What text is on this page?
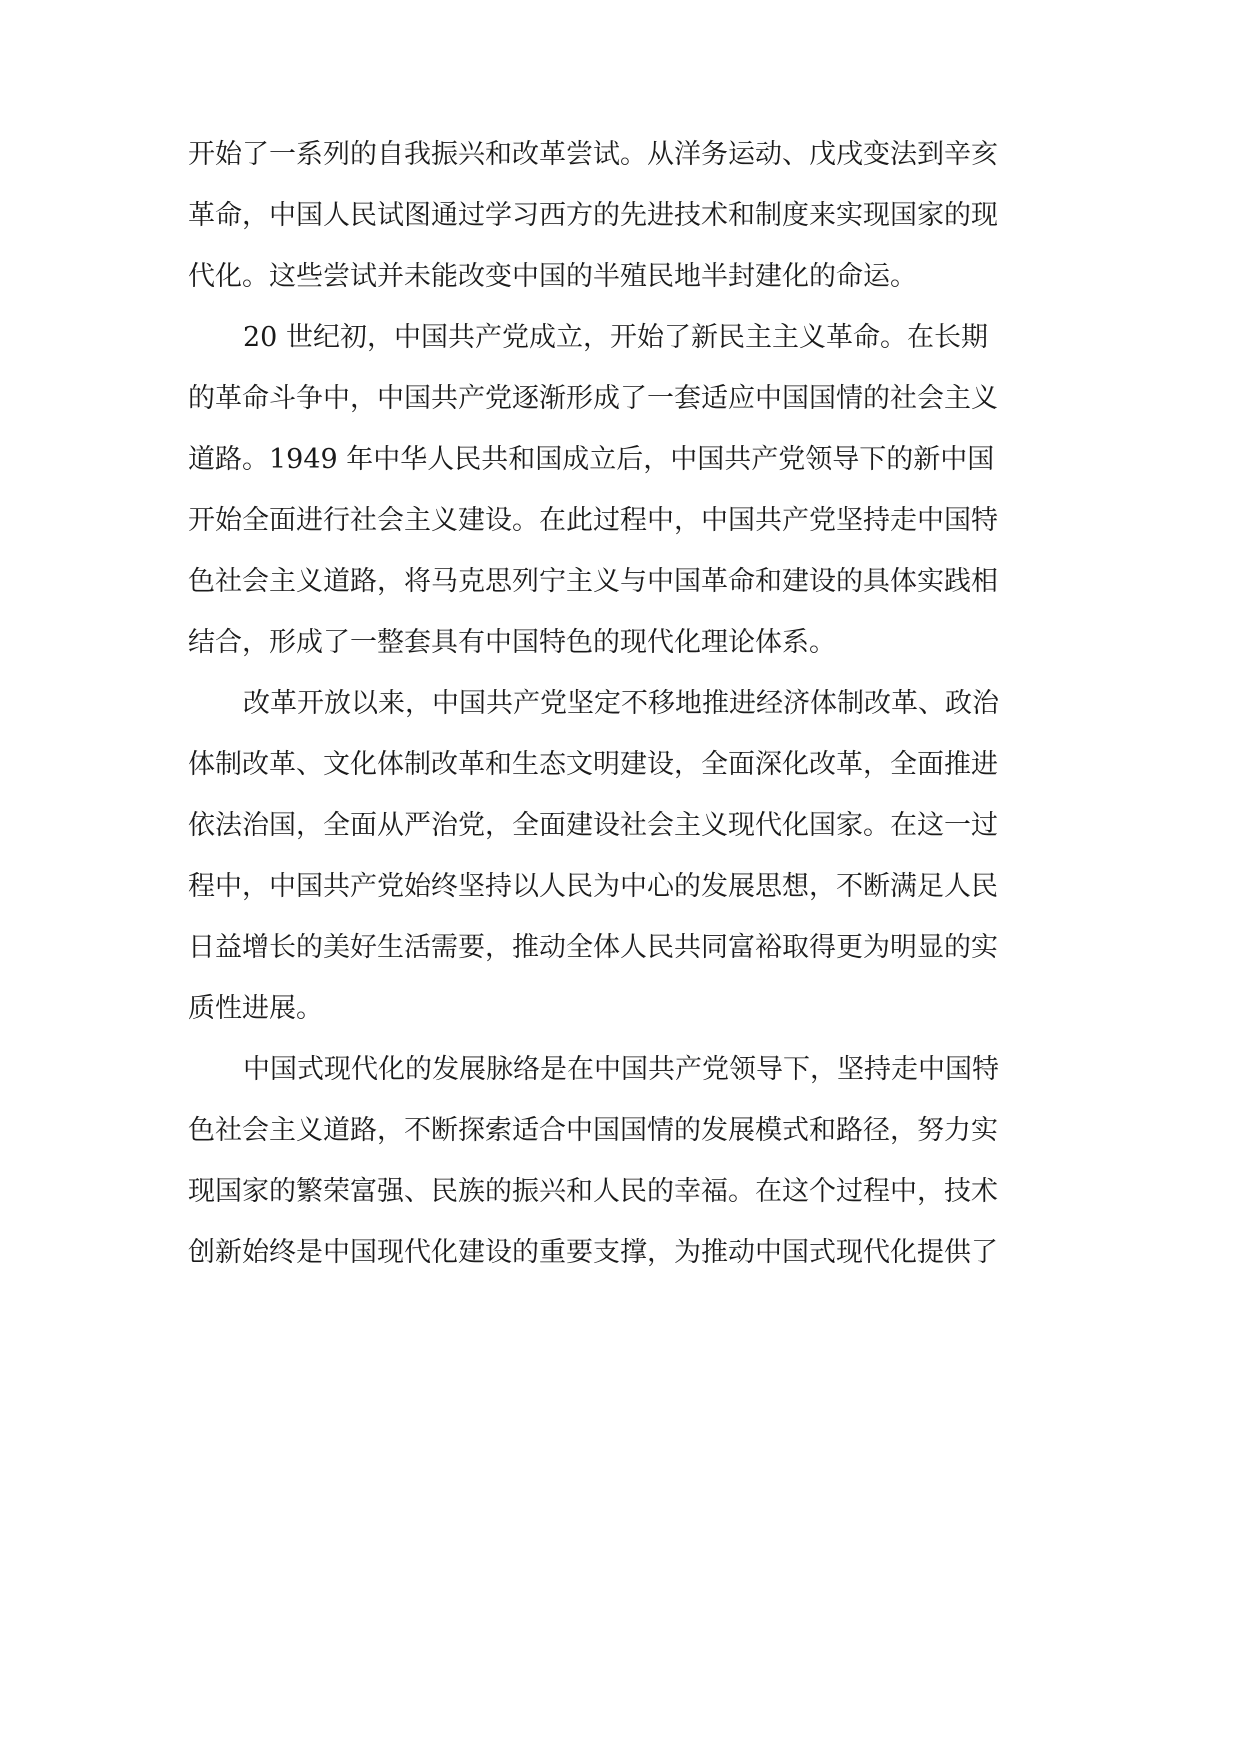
开始了一系列的自我振兴和改革尝试。从洋务运动、戊戌变法到辛亥
革命，中国人民试图通过学习西方的先进技术和制度来实现国家的现
代化。这些尝试并未能改变中国的半殖民地半封建化的命运。
20 世纪初，中国共产党成立，开始了新民主主义革命。在长期
的革命斗争中，中国共产党逐渐形成了一套适应中国国情的社会主义
道路。1949 年中华人民共和国成立后，中国共产党领导下的新中国
开始全面进行社会主义建设。在此过程中，中国共产党坚持走中国特
色社会主义道路，将马克思列宁主义与中国革命和建设的具体实践相
结合，形成了一整套具有中国特色的现代化理论体系。
改革开放以来，中国共产党坚定不移地推进经济体制改革、政治
体制改革、文化体制改革和生态文明建设，全面深化改革，全面推进
依法治国，全面从严治党，全面建设社会主义现代化国家。在这一过
程中，中国共产党始终坚持以人民为中心的发展思想，不断满足人民
日益增长的美好生活需要，推动全体人民共同富裕取得更为明显的实
质性进展。
中国式现代化的发展脉络是在中国共产党领导下，坚持走中国特
色社会主义道路，不断探索适合中国国情的发展模式和路径，努力实
现国家的繁荣富强、民族的振兴和人民的幸福。在这个过程中，技术
创新始终是中国现代化建设的重要支撑，为推动中国式现代化提供了
